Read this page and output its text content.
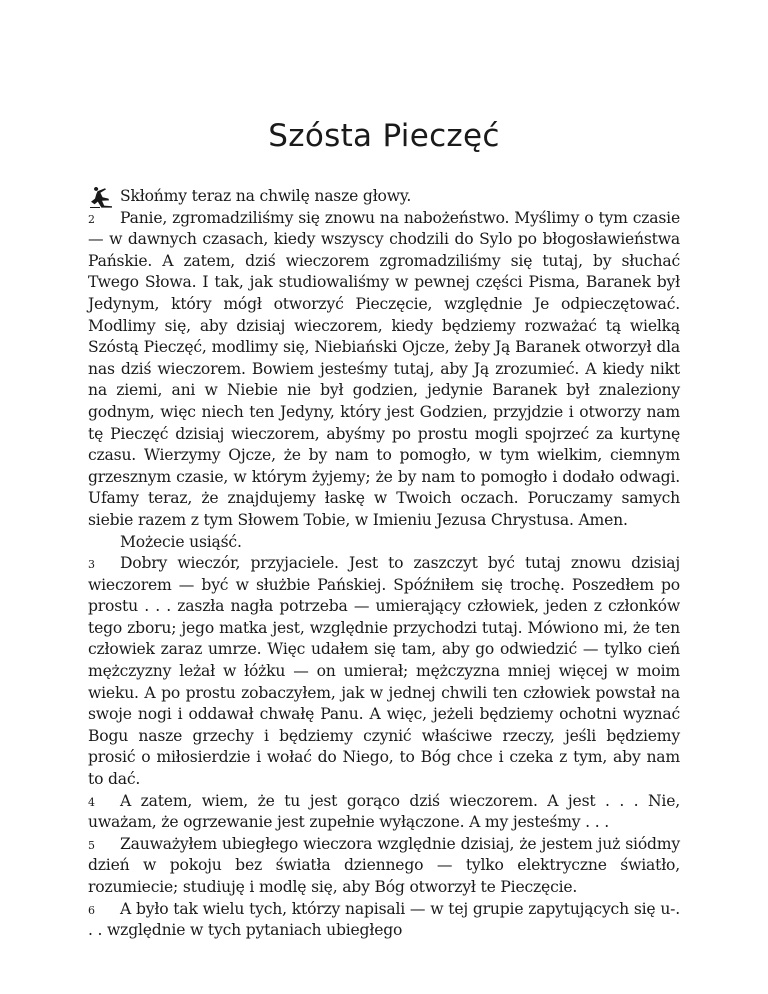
Szósta Pieczęć

Skłońmy teraz na chwilę nasze głowy.

2 Panie, zgromadziliśmy się znowu na nabożeństwo. Myślimy o tym czasie — w dawnych czasach, kiedy wszyscy chodzili do Sylo po błogosławieństwa Pańskie. A zatem, dziś wieczorem zgromadziliśmy się tutaj, by słuchać Twego Słowa. I tak, jak studiowaliśmy w pewnej części Pisma, Baranek był Jedynym, który mógł otworzyć Pieczęcie, względnie Je odpieczętować. Modlimy się, aby dzisiaj wieczorem, kiedy będziemy rozważać tą wielką Szóstą Pieczęć, modlimy się, Niebiański Ojcze, żeby Ją Baranek otworzył dla nas dziś wieczorem. Bowiem jesteśmy tutaj, aby Ją zrozumieć. A kiedy nikt na ziemi, ani w Niebie nie był godzien, jedynie Baranek był znaleziony godnym, więc niech ten Jedyny, który jest Godzien, przyjdzie i otworzy nam tę Pieczęć dzisiaj wieczorem, abyśmy po prostu mogli spojrzeć za kurtynę czasu. Wierzymy Ojcze, że by nam to pomogło, w tym wielkim, ciemnym grzesznym czasie, w którym żyjemy; że by nam to pomogło i dodało odwagi. Ufamy teraz, że znajdujemy łaskę w Twoich oczach. Poruczamy samych siebie razem z tym Słowem Tobie, w Imieniu Jezusa Chrystusa. Amen.

Możecie usiąść.

3 Dobry wieczór, przyjaciele. Jest to zaszczyt być tutaj znowu dzisiaj wieczorem — być w służbie Pańskiej. Spóźniłem się trochę. Poszedłem po prostu . . . zaszła nagła potrzeba — umierający człowiek, jeden z członków tego zboru; jego matka jest, względnie przychodzi tutaj. Mówiono mi, że ten człowiek zaraz umrze. Więc udałem się tam, aby go odwiedzić — tylko cień mężczyzny leżał w łóżku — on umierał; mężczyzna mniej więcej w moim wieku. A po prostu zobaczyłem, jak w jednej chwili ten człowiek powstał na swoje nogi i oddawał chwałę Panu. A więc, jeżeli będziemy ochotni wyznać Bogu nasze grzechy i będziemy czynić właściwe rzeczy, jeśli będziemy prosić o miłosierdzie i wołać do Niego, to Bóg chce i czeka z tym, aby nam to dać.

4 A zatem, wiem, że tu jest gorąco dziś wieczorem. A jest . . . Nie, uważam, że ogrzewanie jest zupełnie wyłączone. A my jesteśmy . . .

5 Zauważyłem ubiegłego wieczora względnie dzisiaj, że jestem już siódmy dzień w pokoju bez światła dziennego — tylko elektryczne światło, rozumiecie; studiuję i modlę się, aby Bóg otworzył te Pieczęcie.

6 A było tak wielu tych, którzy napisali — w tej grupie zapytujących się u-. . . względnie w tych pytaniach ubiegłego
